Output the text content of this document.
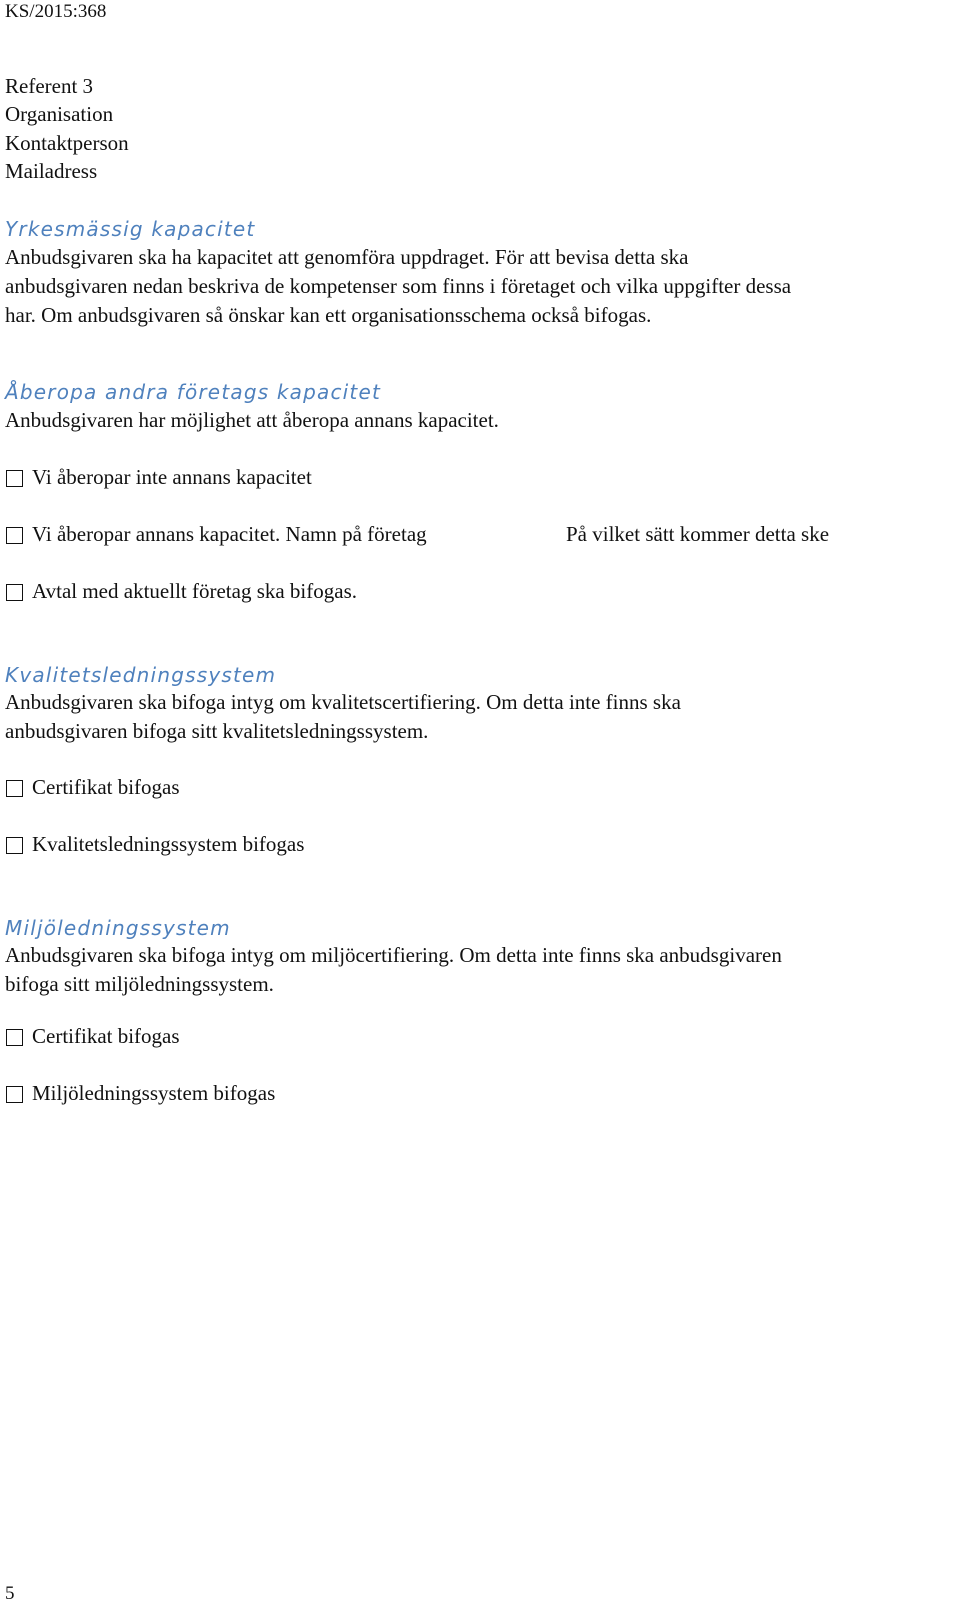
KS/2015:368
Referent 3
Organisation
Kontaktperson
Mailadress
Yrkesmässig kapacitet
Anbudsgivaren ska ha kapacitet att genomföra uppdraget. För att bevisa detta ska
anbudsgivaren nedan beskriva de kompetenser som finns i företaget och vilka uppgifter dessa
har. Om anbudsgivaren så önskar kan ett organisationsschema också bifogas.
Åberopa andra företags kapacitet
Anbudsgivaren har möjlighet att åberopa annans kapacitet.
Vi åberopar inte annans kapacitet
Vi åberopar annans kapacitet. Namn på företag	På vilket sätt kommer detta ske
Avtal med aktuellt företag ska bifogas.
Kvalitetsledningssystem
Anbudsgivaren ska bifoga intyg om kvalitetscertifiering. Om detta inte finns ska
anbudsgivaren bifoga sitt kvalitetsledningssystem.
Certifikat bifogas
Kvalitetsledningssystem bifogas
Miljöledningssystem
Anbudsgivaren ska bifoga intyg om miljöcertifiering. Om detta inte finns ska anbudsgivaren
bifoga sitt miljöledningssystem.
Certifikat bifogas
Miljöledningssystem bifogas
5
